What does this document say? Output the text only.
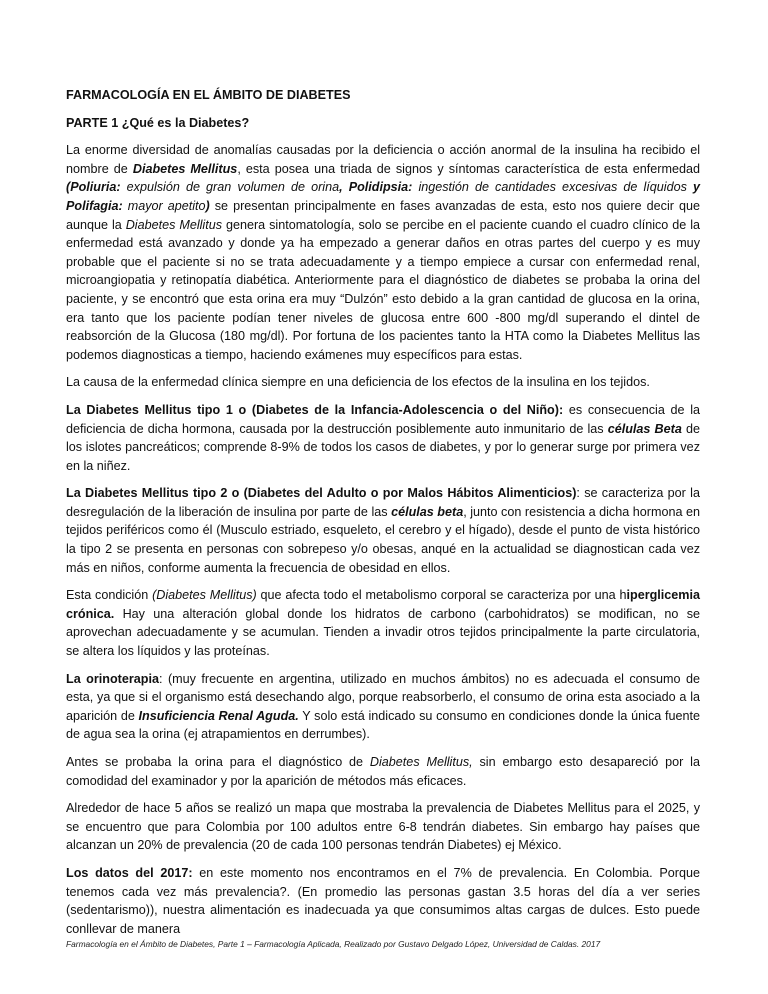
FARMACOLOGÍA EN EL ÁMBITO DE DIABETES
PARTE 1 ¿Qué es la Diabetes?

La enorme diversidad de anomalías causadas por la deficiencia o acción anormal de la insulina ha recibido el nombre de Diabetes Mellitus, esta posea una triada de signos y síntomas característica de esta enfermedad (Poliuria: expulsión de gran volumen de orina, Polidipsia: ingestión de cantidades excesivas de líquidos y Polifagia: mayor apetito) se presentan principalmente en fases avanzadas de esta, esto nos quiere decir que aunque la Diabetes Mellitus genera sintomatología, solo se percibe en el paciente cuando el cuadro clínico de la enfermedad está avanzado y donde ya ha empezado a generar daños en otras partes del cuerpo y es muy probable que el paciente si no se trata adecuadamente y a tiempo empiece a cursar con enfermedad renal, microangiopatia y retinopatía diabética. Anteriormente para el diagnóstico de diabetes se probaba la orina del paciente, y se encontró que esta orina era muy “Dulzón” esto debido a la gran cantidad de glucosa en la orina, era tanto que los paciente podían tener niveles de glucosa entre 600 -800 mg/dl superando el dintel de reabsorción de la Glucosa (180 mg/dl). Por fortuna de los pacientes tanto la HTA como la Diabetes Mellitus las podemos diagnosticas a tiempo, haciendo exámenes muy específicos para estas.

La causa de la enfermedad clínica siempre en una deficiencia de los efectos de la insulina en los tejidos.

La Diabetes Mellitus tipo 1 o (Diabetes de la Infancia-Adolescencia o del Niño): es consecuencia de la deficiencia de dicha hormona, causada por la destrucción posiblemente auto inmunitario de las células Beta de los islotes pancreáticos; comprende 8-9% de todos los casos de diabetes, y por lo generar surge por primera vez en la niñez.

La Diabetes Mellitus tipo 2 o (Diabetes del Adulto o por Malos Hábitos Alimenticios): se caracteriza por la desregulación de la liberación de insulina por parte de las células beta, junto con resistencia a dicha hormona en tejidos periféricos como él (Musculo estriado, esqueleto, el cerebro y el hígado), desde el punto de vista histórico la tipo 2 se presenta en personas con sobrepeso y/o obesas, anqué en la actualidad se diagnostican cada vez más en niños, conforme aumenta la frecuencia de obesidad en ellos.

Esta condición (Diabetes Mellitus) que afecta todo el metabolismo corporal se caracteriza por una hiperglicemia crónica. Hay una alteración global donde los hidratos de carbono (carbohidratos) se modifican, no se aprovechan adecuadamente y se acumulan. Tienden a invadir otros tejidos principalmente la parte circulatoria, se altera los líquidos y las proteínas.

La orinoterapia: (muy frecuente en argentina, utilizado en muchos ámbitos) no es adecuada el consumo de esta, ya que si el organismo está desechando algo, porque reabsorberlo, el consumo de orina esta asociado a la aparición de Insuficiencia Renal Aguda. Y solo está indicado su consumo en condiciones donde la única fuente de agua sea la orina (ej atrapamientos en derrumbes).

Antes se probaba la orina para el diagnóstico de Diabetes Mellitus, sin embargo esto desapareció por la comodidad del examinador y por la aparición de métodos más eficaces.

Alrededor de hace 5 años se realizó un mapa que mostraba la prevalencia de Diabetes Mellitus para el 2025, y se encuentro que para Colombia por 100 adultos entre 6-8 tendrán diabetes. Sin embargo hay países que alcanzan un 20% de prevalencia (20 de cada 100 personas tendrán Diabetes) ej México.

Los datos del 2017: en este momento nos encontramos en el 7% de prevalencia. En Colombia. Porque tenemos cada vez más prevalencia?. (En promedio las personas gastan 3.5 horas del día a ver series (sedentarismo)), nuestra alimentación es inadecuada ya que consumimos altas cargas de dulces. Esto puede conllevar de manera

Farmacología en el Ámbito de Diabetes, Parte 1 – Farmacología Aplicada, Realizado por Gustavo Delgado López, Universidad de Caldas. 2017
